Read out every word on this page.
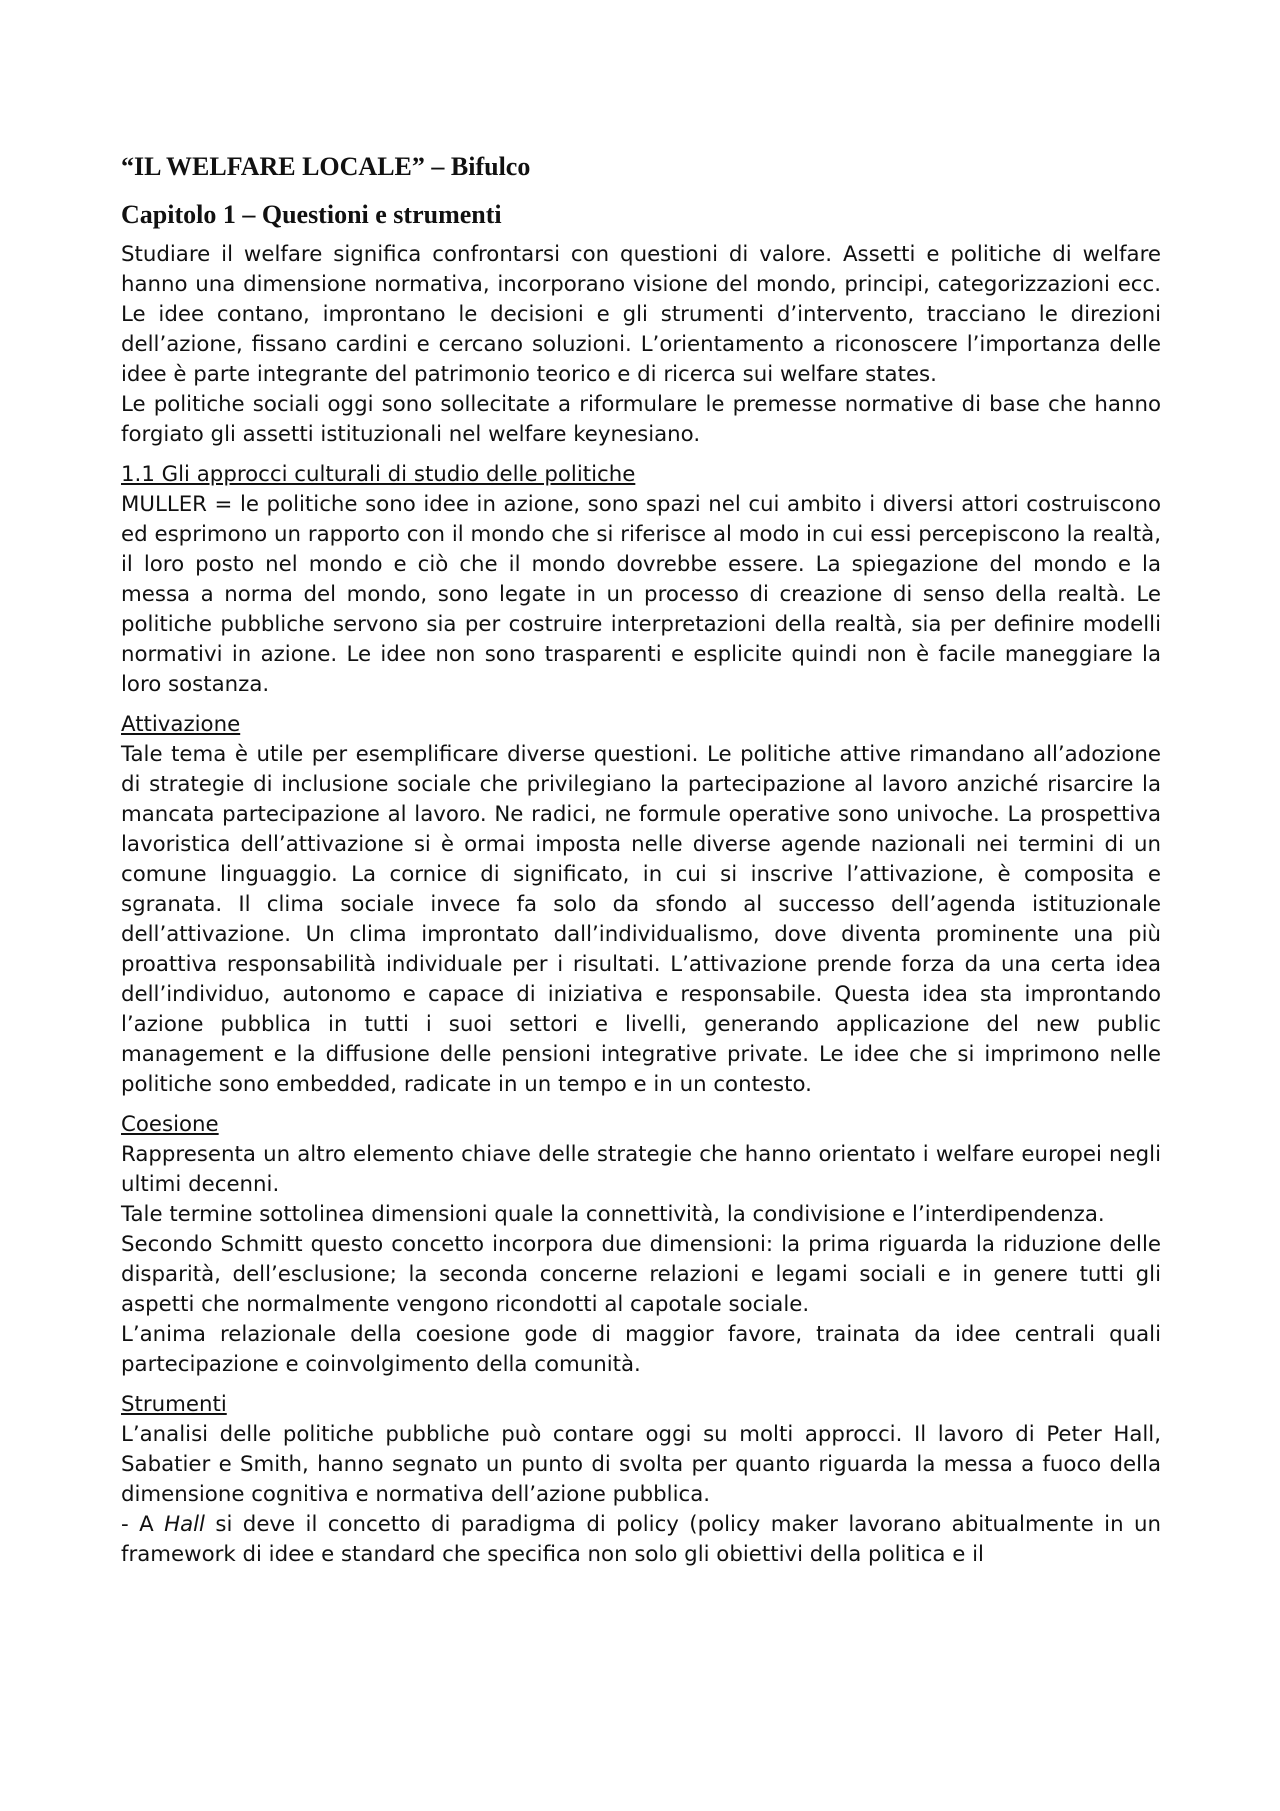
“IL WELFARE LOCALE” – Bifulco
Capitolo 1 – Questioni e strumenti

Studiare il welfare significa confrontarsi con questioni di valore. Assetti e politiche di welfare hanno una dimensione normativa, incorporano visione del mondo, principi, categorizzazioni ecc. Le idee contano, improntano le decisioni e gli strumenti d’intervento, tracciano le direzioni dell’azione, fissano cardini e cercano soluzioni. L’orientamento a riconoscere l’importanza delle idee è parte integrante del patrimonio teorico e di ricerca sui welfare states.

Le politiche sociali oggi sono sollecitate a riformulare le premesse normative di base che hanno forgiato gli assetti istituzionali nel welfare keynesiano.

1.1 Gli approcci culturali di studio delle politiche

MULLER = le politiche sono idee in azione, sono spazi nel cui ambito i diversi attori costruiscono ed esprimono un rapporto con il mondo che si riferisce al modo in cui essi percepiscono la realtà, il loro posto nel mondo e ciò che il mondo dovrebbe essere. La spiegazione del mondo e la messa a norma del mondo, sono legate in un processo di creazione di senso della realtà. Le politiche pubbliche servono sia per costruire interpretazioni della realtà, sia per definire modelli normativi in azione. Le idee non sono trasparenti e esplicite quindi non è facile maneggiare la loro sostanza.

Attivazione

Tale tema è utile per esemplificare diverse questioni. Le politiche attive rimandano all’adozione di strategie di inclusione sociale che privilegiano la partecipazione al lavoro anziché risarcire la mancata partecipazione al lavoro. Ne radici, ne formule operative sono univoche. La prospettiva lavoristica dell’attivazione si è ormai imposta nelle diverse agende nazionali nei termini di un comune linguaggio. La cornice di significato, in cui si inscrive l’attivazione, è composita e sgranata. Il clima sociale invece fa solo da sfondo al successo dell’agenda istituzionale dell’attivazione. Un clima improntato dall’individualismo, dove diventa prominente una più proattiva responsabilità individuale per i risultati. L’attivazione prende forza da una certa idea dell’individuo, autonomo e capace di iniziativa e responsabile. Questa idea sta improntando l’azione pubblica in tutti i suoi settori e livelli, generando applicazione del new public management e la diffusione delle pensioni integrative private. Le idee che si imprimono nelle politiche sono embedded, radicate in un tempo e in un contesto.

Coesione

Rappresenta un altro elemento chiave delle strategie che hanno orientato i welfare europei negli ultimi decenni.

Tale termine sottolinea dimensioni quale la connettività, la condivisione e l’interdipendenza.

Secondo Schmitt questo concetto incorpora due dimensioni: la prima riguarda la riduzione delle disparità, dell’esclusione; la seconda concerne relazioni e legami sociali e in genere tutti gli aspetti che normalmente vengono ricondotti al capotale sociale.

L’anima relazionale della coesione gode di maggior favore, trainata da idee centrali quali partecipazione e coinvolgimento della comunità.

Strumenti

L’analisi delle politiche pubbliche può contare oggi su molti approcci. Il lavoro di Peter Hall, Sabatier e Smith, hanno segnato un punto di svolta per quanto riguarda la messa a fuoco della dimensione cognitiva e normativa dell’azione pubblica.

- A Hall si deve il concetto di paradigma di policy (policy maker lavorano abitualmente in un framework di idee e standard che specifica non solo gli obiettivi della politica e il
